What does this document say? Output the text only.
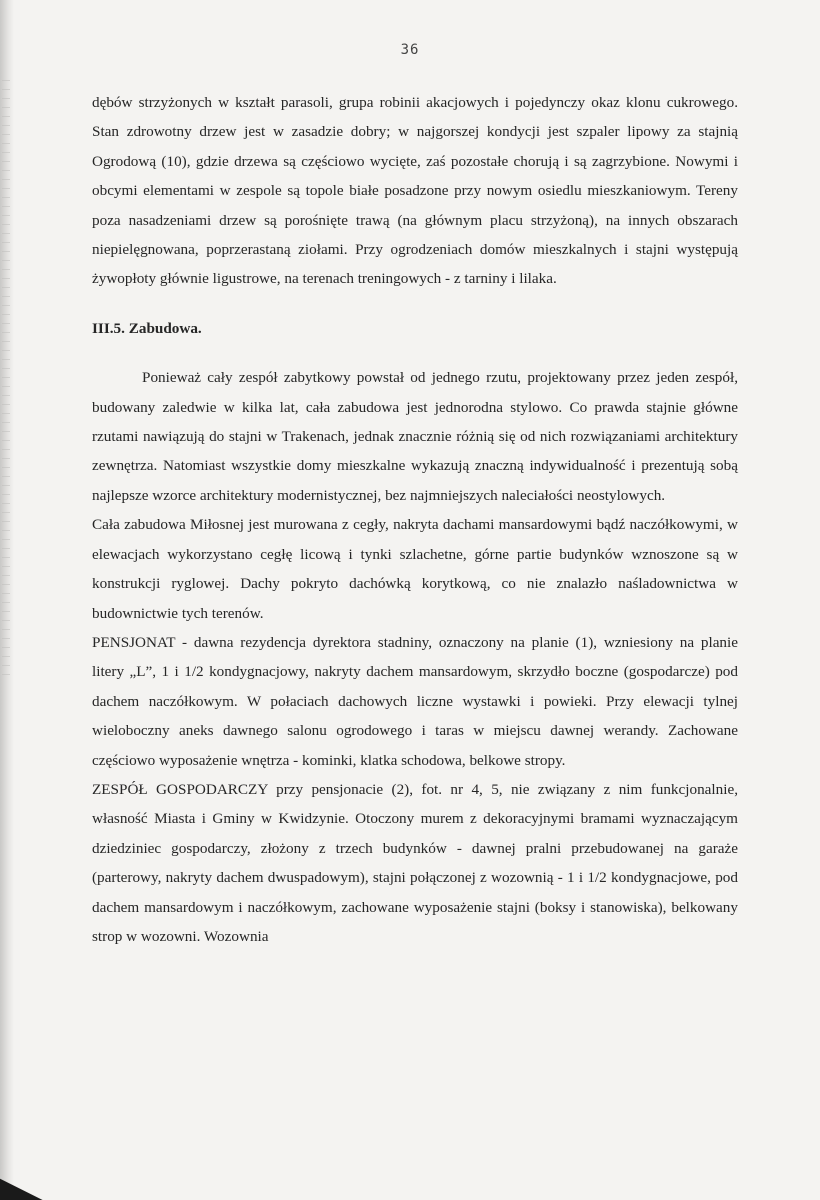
36

dębów strzyżonych w kształt parasoli, grupa robinii akacjowych i pojedynczy okaz klonu cukrowego. Stan zdrowotny drzew jest w zasadzie dobry; w najgorszej kondycji jest szpaler lipowy za stajnią Ogrodową (10), gdzie drzewa są częściowo wycięte, zaś pozostałe chorują i są zagrzybione. Nowymi i obcymi elementami w zespole są topole białe posadzone przy nowym osiedlu mieszkaniowym. Tereny poza nasadzeniami drzew są porośnięte trawą (na głównym placu strzyżoną), na innych obszarach niepielęgnowana, poprzerastaną ziołami. Przy ogrodzeniach domów mieszkalnych i stajni występują żywopłoty głównie ligustrowe, na terenach treningowych - z tarniny i lilaka.

III.5. Zabudowa.

Ponieważ cały zespół zabytkowy powstał od jednego rzutu, projektowany przez jeden zespół, budowany zaledwie w kilka lat, cała zabudowa jest jednorodna stylowo. Co prawda stajnie główne rzutami nawiązują do stajni w Trakenach, jednak znacznie różnią się od nich rozwiązaniami architektury zewnętrza. Natomiast wszystkie domy mieszkalne wykazują znaczną indywidualność i prezentują sobą najlepsze wzorce architektury modernistycznej, bez najmniejszych naleciałości neostylowych.

Cała zabudowa Miłosnej jest murowana z cegły, nakryta dachami mansardowymi bądź naczółkowymi, w elewacjach wykorzystano cegłę licową i tynki szlachetne, górne partie budynków wznoszone są w konstrukcji ryglowej. Dachy pokryto dachówką korytkową, co nie znalazło naśladownictwa w budownictwie tych terenów.

PENSJONAT - dawna rezydencja dyrektora stadniny, oznaczony na planie (1), wzniesiony na planie litery „L”, 1 i 1/2 kondygnacjowy, nakryty dachem mansardowym, skrzydło boczne (gospodarcze) pod dachem naczółkowym. W połaciach dachowych liczne wystawki i powieki. Przy elewacji tylnej wieloboczny aneks dawnego salonu ogrodowego i taras w miejscu dawnej werandy. Zachowane częściowo wyposażenie wnętrza - kominki, klatka schodowa, belkowe stropy.

ZESPÓŁ GOSPODARCZY przy pensjonacie (2), fot. nr 4, 5, nie związany z nim funkcjonalnie, własność Miasta i Gminy w Kwidzynie. Otoczony murem z dekoracyjnymi bramami wyznaczającym dziedziniec gospodarczy, złożony z trzech budynków - dawnej pralni przebudowanej na garaże (parterowy, nakryty dachem dwuspadowym), stajni połączonej z wozownią - 1 i 1/2 kondygnacjowe, pod dachem mansardowym i naczółkowym, zachowane wyposażenie stajni (boksy i stanowiska), belkowany strop w wozowni. Wozownia
